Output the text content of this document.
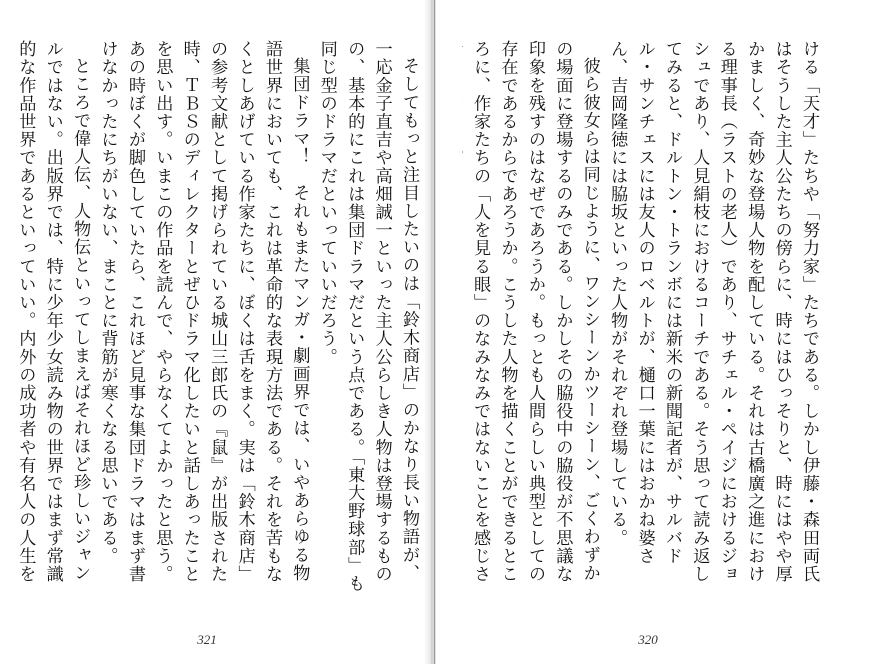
そしてもっと注目したいのは「鈴木商店」のかなり長い物語が、一応金子直吉や高畑誠一といった主人公らしき人物は登場するものの、基本的にこれは集団ドラマだという点である。「東大野球部」も同じ型のドラマだといっていいだろう。

集団ドラマ！　それもまたマンガ・劇画界では、いやあらゆる物語世界においても、これは革命的な表現方法である。それを苦もなくとしあげている作家たちに、ぼくは舌をまく。実は「鈴木商店」の参考文献として掲げられている城山三郎氏の『鼠』が出版された時、ＴＢＳのディレクターとぜひドラマ化したいと話しあったことを思い出す。いまこの作品を読んで、やらなくてよかったと思う。あの時ぼくが脚色していたら、これほど見事な集団ドラマはまず書けなかったにちがいない、まことに背筋が寒くなる思いである。

ところで偉人伝、人物伝といってしまえばそれほど珍しいジャンルではない。出版界では、特に少年少女読み物の世界ではまず常識的な作品世界であるといっていい。内外の成功者や有名人の人生を

321

ける「天才」たちや「努力家」たちである。しかし伊藤・森田両氏はそうした主人公たちの傍らに、時にはひっそりと、時にはやや厚かましく、奇妙な登場人物を配している。それは古橋廣之進における理事長（ラストの老人）であり、サチェル・ペイジにおけるジョシュであり、人見絹枝におけるコーチである。そう思って読み返してみると、ドルトン・トランボには新米の新聞記者が、サルバドル・サンチェスには友人のロベルトが、樋口一葉にはおかね婆さん、吉岡隆徳には脇坂といった人物がそれぞれ登場している。

彼ら彼女らは同じように、ワンシーンかツーシーン、ごくわずかの場面に登場するのみである。しかしその脇役中の脇役が不思議な印象を残すのはなぜであろうか。もっとも人間らしい典型としての存在であるからであろうか。こうした人物を描くことができるところに、作家たちの「人を見る眼」のなみなみではないことを感じさ

320
